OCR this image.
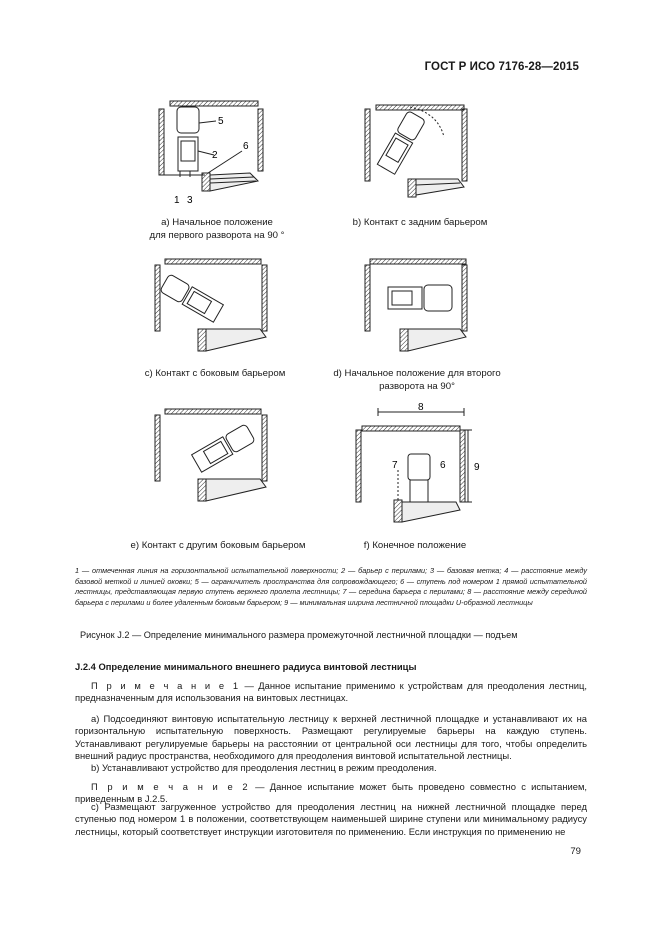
ГОСТ Р ИСО 7176-28—2015
5
2
6
1 3
a) Начальное положение
для первого разворота на 90 °
b) Контакт с задним барьером
c) Контакт с боковым барьером	d) Начальное положение для второго
разворота на 90°
e) Контакт с другим боковым барьером
8
9
7	6
f) Конечное положение
1 — отмеченная линия на горизонтальной испытательной поверхности; 2 — барьер с перилами; 3 — базовая метка; 4 — расстояние между базовой меткой и линией оковки; 5 — ограничитель пространства для сопровождающего; 6 — ступень под номером 1 прямой испытательной лестницы, представляющая первую ступень верхнего пролета лестницы; 7 — середина барьера с перилами; 8 — расстояние между серединой барьера с перилами и более удаленным боковым барьером; 9 — минимальная ширина лестничной площадки U-образной лестницы
Рисунок J.2 — Определение минимального размера промежуточной лестничной площадки — подъем
J.2.4 Определение минимального внешнего радиуса винтовой лестницы
П р и м е ч а н и е 1 — Данное испытание применимо к устройствам для преодоления лестниц, предназначенным для использования на винтовых лестницах.
a) Подсоединяют винтовую испытательную лестницу к верхней лестничной площадке и устанавливают их на горизонтальную испытательную поверхность. Размещают регулируемые барьеры на каждую ступень. Устанавливают регулируемые барьеры на расстоянии от центральной оси лестницы для того, чтобы определить внешний радиус пространства, необходимого для преодоления винтовой испытательной лестницы.
b) Устанавливают устройство для преодоления лестниц в режим преодоления.
П р и м е ч а н и е 2 — Данное испытание может быть проведено совместно с испытанием, приведенным в J.2.5.
c) Размещают загруженное устройство для преодоления лестниц на нижней лестничной площадке перед ступенью под номером 1 в положении, соответствующем наименьшей ширине ступени или минимальному радиусу лестницы, который соответствует инструкции изготовителя по применению. Если инструкция по применению не
79
